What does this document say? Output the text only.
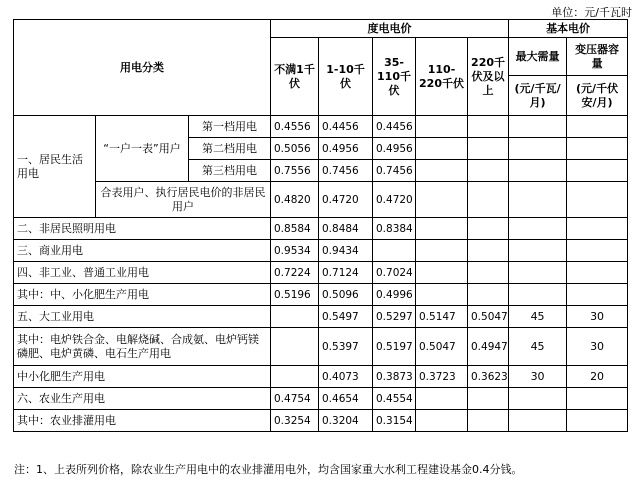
单位：元/千瓦时
用电分类			度电电价					基本电价	
			不满1千伏	1-10千伏	35-110千伏	110-220千伏	220千伏及以上	最大需量	变压器容量
								(元/千瓦/月)	(元/千伏安/月)
一、居民生活用电	“一户一表”用户	第一档用电	0.4556	0.4456	0.4456				
		第二档用电	0.5056	0.4956	0.4956				
		第三档用电	0.7556	0.7456	0.7456				
	合表用户、执行居民电价的非居民用户		0.4820	0.4720	0.4720				
二、非居民照明用电			0.8584	0.8484	0.8384				
三、商业用电			0.9534	0.9434					
四、非工业、普通工业用电			0.7224	0.7124	0.7024				
其中：中、小化肥生产用电			0.5196	0.5096	0.4996				
五、大工业用电				0.5497	0.5297	0.5147	0.5047	45	30
其中：电炉铁合金、电解烧碱、合成氨、电炉钙镁磷肥、电炉黄磷、电石生产用电				0.5397	0.5197	0.5047	0.4947	45	30
中小化肥生产用电				0.4073	0.3873	0.3723	0.3623	30	20
六、农业生产用电			0.4754	0.4654	0.4554				
其中：农业排灌用电			0.3254	0.3204	0.3154				
注：1、上表所列价格，除农业生产用电中的农业排灌用电外，均含国家重大水利工程建设基金0.4分钱。
